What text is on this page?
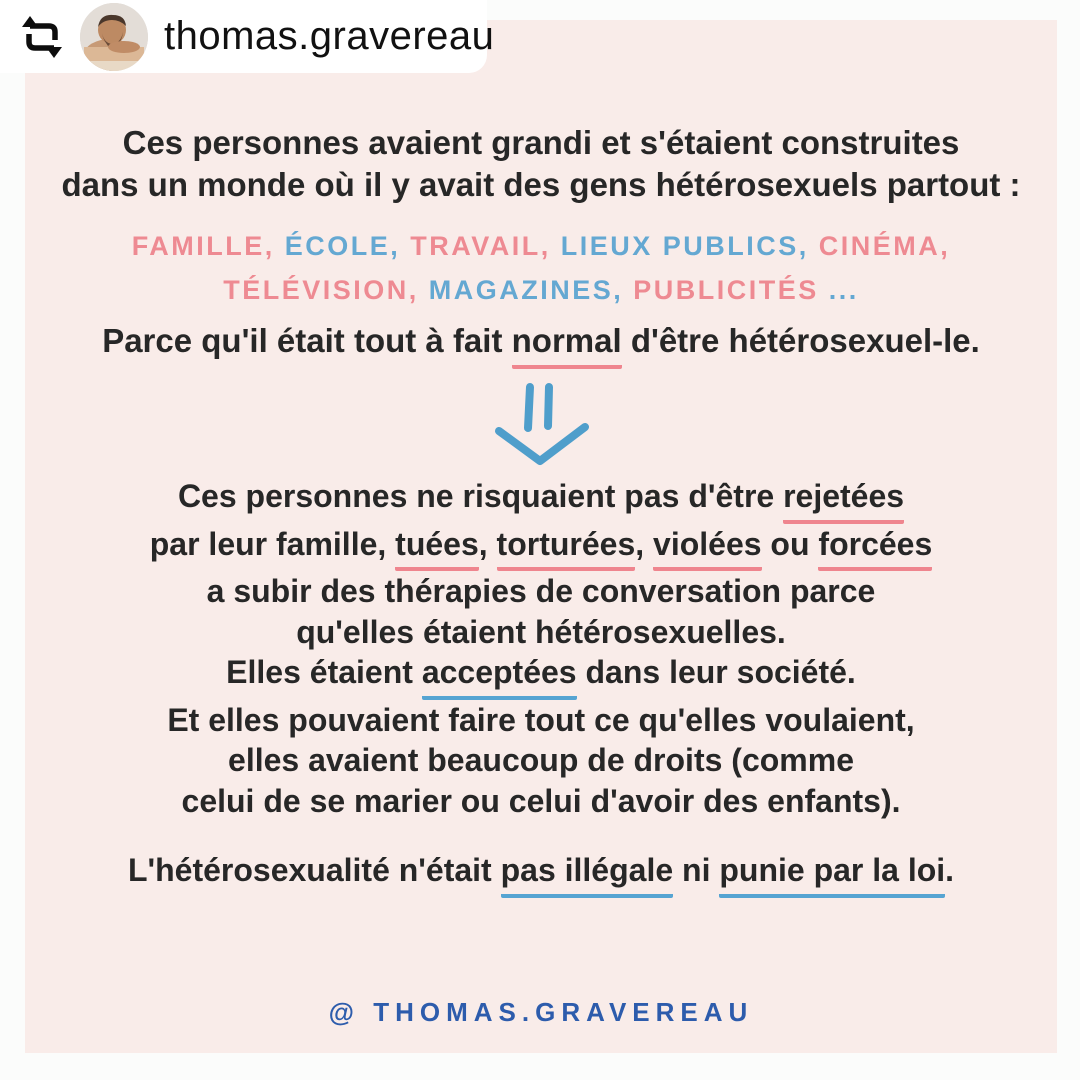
Ces personnes avaient grandi et s'étaient construites
dans un monde où il y avait des gens hétérosexuels partout :
FAMILLE, ÉCOLE, TRAVAIL, LIEUX PUBLICS, CINÉMA,
TÉLÉVISION, MAGAZINES, PUBLICITÉS ...
Parce qu'il était tout à fait normal d'être hétérosexuel-le.
Ces personnes ne risquaient pas d'être rejetées
par leur famille, tuées, torturées, violées ou forcées
a subir des thérapies de conversation parce
qu'elles étaient hétérosexuelles.
Elles étaient acceptées dans leur société.
Et elles pouvaient faire tout ce qu'elles voulaient,
elles avaient beaucoup de droits (comme
celui de se marier ou celui d'avoir des enfants).
L'hétérosexualité n'était pas illégale ni punie par la loi.
@ THOMAS.GRAVEREAU
thomas.gravereau
